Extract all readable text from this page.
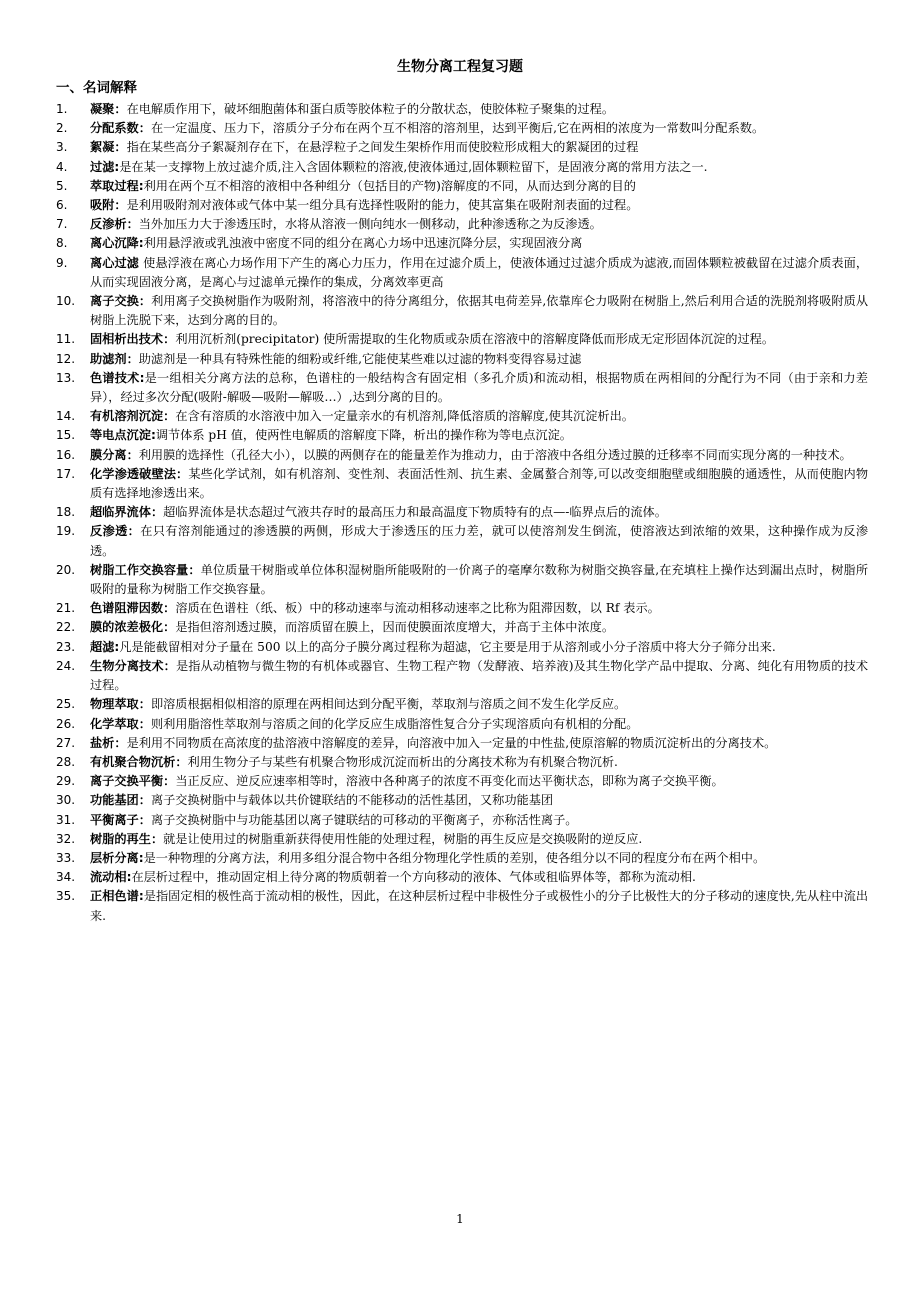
生物分离工程复习题
一、名词解释
1.	凝聚：在电解质作用下，破坏细胞菌体和蛋白质等胶体粒子的分散状态，使胶体粒子聚集的过程。
2.	分配系数：在一定温度、压力下，溶质分子分布在两个互不相溶的溶剂里，达到平衡后,它在两相的浓度为一常数叫分配系数。
3.	絮凝：指在某些高分子絮凝剂存在下，在悬浮粒子之间发生架桥作用而使胶粒形成粗大的絮凝团的过程
4.	过滤:是在某一支撑物上放过滤介质,注入含固体颗粒的溶液,使液体通过,固体颗粒留下，是固液分离的常用方法之一.
5.	萃取过程:利用在两个互不相溶的液相中各种组分（包括目的产物)溶解度的不同，从而达到分离的目的
6.	吸附：是利用吸附剂对液体或气体中某一组分具有选择性吸附的能力，使其富集在吸附剂表面的过程。
7.	反渗析：当外加压力大于渗透压时，水将从溶液一侧向纯水一侧移动，此种渗透称之为反渗透。
8.	离心沉降:利用悬浮液或乳浊液中密度不同的组分在离心力场中迅速沉降分层，实现固液分离
9.	离心过滤 使悬浮液在离心力场作用下产生的离心力压力，作用在过滤介质上，使液体通过过滤介质成为滤液,而固体颗粒被截留在过滤介质表面，从而实现固液分离，是离心与过滤单元操作的集成，分离效率更高
10.	离子交换：利用离子交换树脂作为吸附剂，将溶液中的待分离组分，依据其电荷差异,依靠库仑力吸附在树脂上,然后利用合适的洗脱剂将吸附质从树脂上洗脱下来，达到分离的目的。
11.	固相析出技术：利用沉析剂(precipitator) 使所需提取的生化物质或杂质在溶液中的溶解度降低而形成无定形固体沉淀的过程。
12.	助滤剂：助滤剂是一种具有特殊性能的细粉或纤维,它能使某些难以过滤的物料变得容易过滤
13.	色谱技术:是一组相关分离方法的总称，色谱柱的一般结构含有固定相（多孔介质)和流动相，根据物质在两相间的分配行为不同（由于亲和力差异），经过多次分配(吸附-解吸—吸附—解吸…）,达到分离的目的。
14.	有机溶剂沉淀：在含有溶质的水溶液中加入一定量亲水的有机溶剂,降低溶质的溶解度,使其沉淀析出。
15.	等电点沉淀:调节体系 pH 值，使两性电解质的溶解度下降，析出的操作称为等电点沉淀。
16.	膜分离：利用膜的选择性（孔径大小），以膜的两侧存在的能量差作为推动力，由于溶液中各组分透过膜的迁移率不同而实现分离的一种技术。
17.	化学渗透破壁法：某些化学试剂，如有机溶剂、变性剂、表面活性剂、抗生素、金属螯合剂等,可以改变细胞壁或细胞膜的通透性，从而使胞内物质有选择地渗透出来。
18.	超临界流体：超临界流体是状态超过气液共存时的最高压力和最高温度下物质特有的点—-临界点后的流体。
19.	反渗透：在只有溶剂能通过的渗透膜的两侧，形成大于渗透压的压力差，就可以使溶剂发生倒流，使溶液达到浓缩的效果，这种操作成为反渗透。
20.	树脂工作交换容量：单位质量干树脂或单位体积湿树脂所能吸附的一价离子的毫摩尔数称为树脂交换容量,在充填柱上操作达到漏出点时，树脂所吸附的量称为树脂工作交换容量。
21.	色谱阻滞因数：溶质在色谱柱（纸、板）中的移动速率与流动相移动速率之比称为阻滞因数，以 Rf 表示。
22.	膜的浓差极化：是指但溶剂透过膜，而溶质留在膜上，因而使膜面浓度增大，并高于主体中浓度。
23.	超滤:凡是能截留相对分子量在 500 以上的高分子膜分离过程称为超滤，它主要是用于从溶剂或小分子溶质中将大分子筛分出来.
24.	生物分离技术：是指从动植物与微生物的有机体或器官、生物工程产物（发酵液、培养液)及其生物化学产品中提取、分离、纯化有用物质的技术过程。
25.	物理萃取：即溶质根据相似相溶的原理在两相间达到分配平衡，萃取剂与溶质之间不发生化学反应。
26.	化学萃取：则利用脂溶性萃取剂与溶质之间的化学反应生成脂溶性复合分子实现溶质向有机相的分配。
27.	盐析：是利用不同物质在高浓度的盐溶液中溶解度的差异，向溶液中加入一定量的中性盐,使原溶解的物质沉淀析出的分离技术。
28.	有机聚合物沉析：利用生物分子与某些有机聚合物形成沉淀而析出的分离技术称为有机聚合物沉析.
29.	离子交换平衡：当正反应、逆反应速率相等时，溶液中各种离子的浓度不再变化而达平衡状态，即称为离子交换平衡。
30.	功能基团：离子交换树脂中与载体以共价键联结的不能移动的活性基团，又称功能基团
31.	平衡离子：离子交换树脂中与功能基团以离子键联结的可移动的平衡离子，亦称活性离子。
32.	树脂的再生：就是让使用过的树脂重新获得使用性能的处理过程，树脂的再生反应是交换吸附的逆反应.
33.	层析分离:是一种物理的分离方法，利用多组分混合物中各组分物理化学性质的差别，使各组分以不同的程度分布在两个相中。
34.	流动相:在层析过程中，推动固定相上待分离的物质朝着一个方向移动的液体、气体或租临界体等，都称为流动相.
35.	正相色谱:是指固定相的极性高于流动相的极性，因此，在这种层析过程中非极性分子或极性小的分子比极性大的分子移动的速度快,先从柱中流出来.
1
